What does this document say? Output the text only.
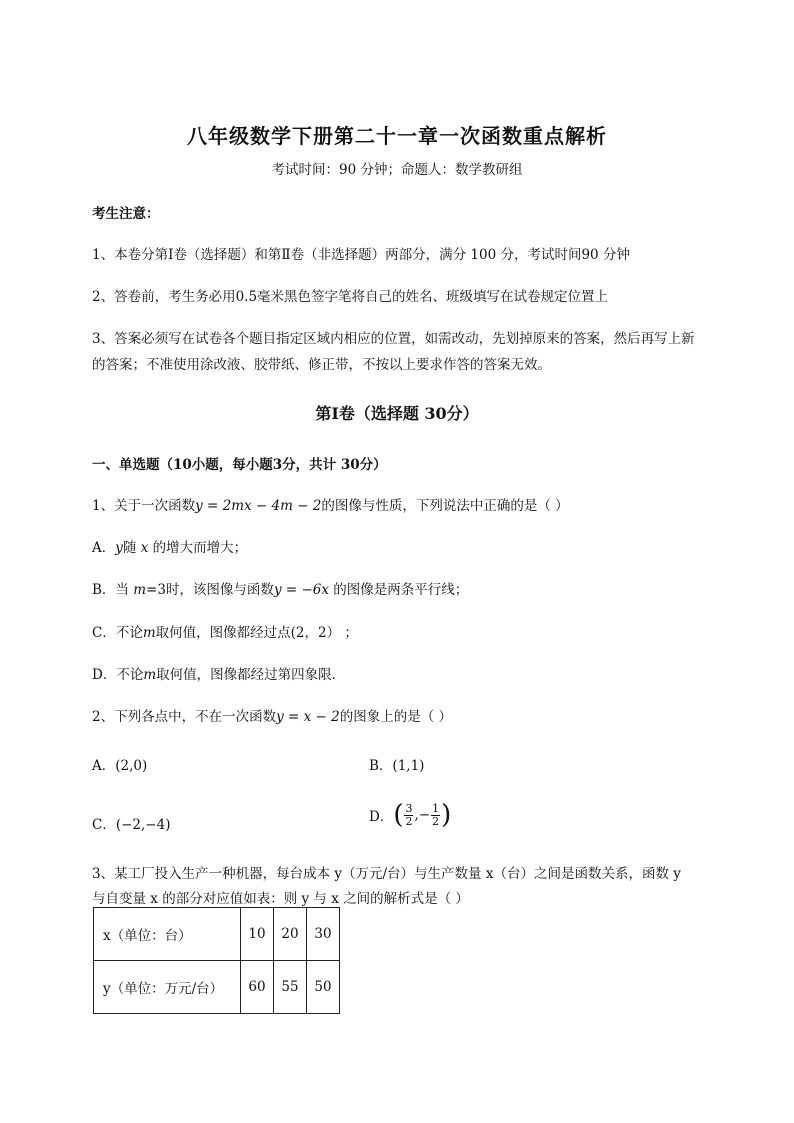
八年级数学下册第二十一章一次函数重点解析
考试时间：90 分钟；命题人：数学教研组
考生注意：
1、本卷分第Ⅰ卷（选择题）和第Ⅱ卷（非选择题）两部分，满分 100 分，考试时间90 分钟
2、答卷前，考生务必用0.5毫米黑色签字笔将自己的姓名、班级填写在试卷规定位置上
3、答案必须写在试卷各个题目指定区域内相应的位置，如需改动，先划掉原来的答案，然后再写上新
的答案；不准使用涂改液、胶带纸、修正带，不按以上要求作答的答案无效。
第Ⅰ卷（选择题 30分）
一、单选题（10小题，每小题3分，共计 30分）
1、关于一次函数y = 2mx − 4m − 2的图像与性质，下列说法中正确的是（ ）
A．y随 x 的增大而增大；
B．当 m=3时，该图像与函数y = −6x 的图像是两条平行线；
C．不论m取何值，图像都经过点(2，2） ；
D．不论m取何值，图像都经过第四象限．
2、下列各点中，不在一次函数y = x − 2的图象上的是（ ）
A．(2,0)	B．(1,1)
C．(−2,−4)	D．( $\frac{3}{2}$ ,− $\frac{1}{2}$ )
3、某工厂投入生产一种机器，每台成本 y（万元/台）与生产数量 x（台）之间是函数关系，函数 y
与自变量 x 的部分对应值如表：则 y 与 x 之间的解析式是（ ）
x（单位：台）	10	20	30
y（单位：万元/台）	60	55	50
